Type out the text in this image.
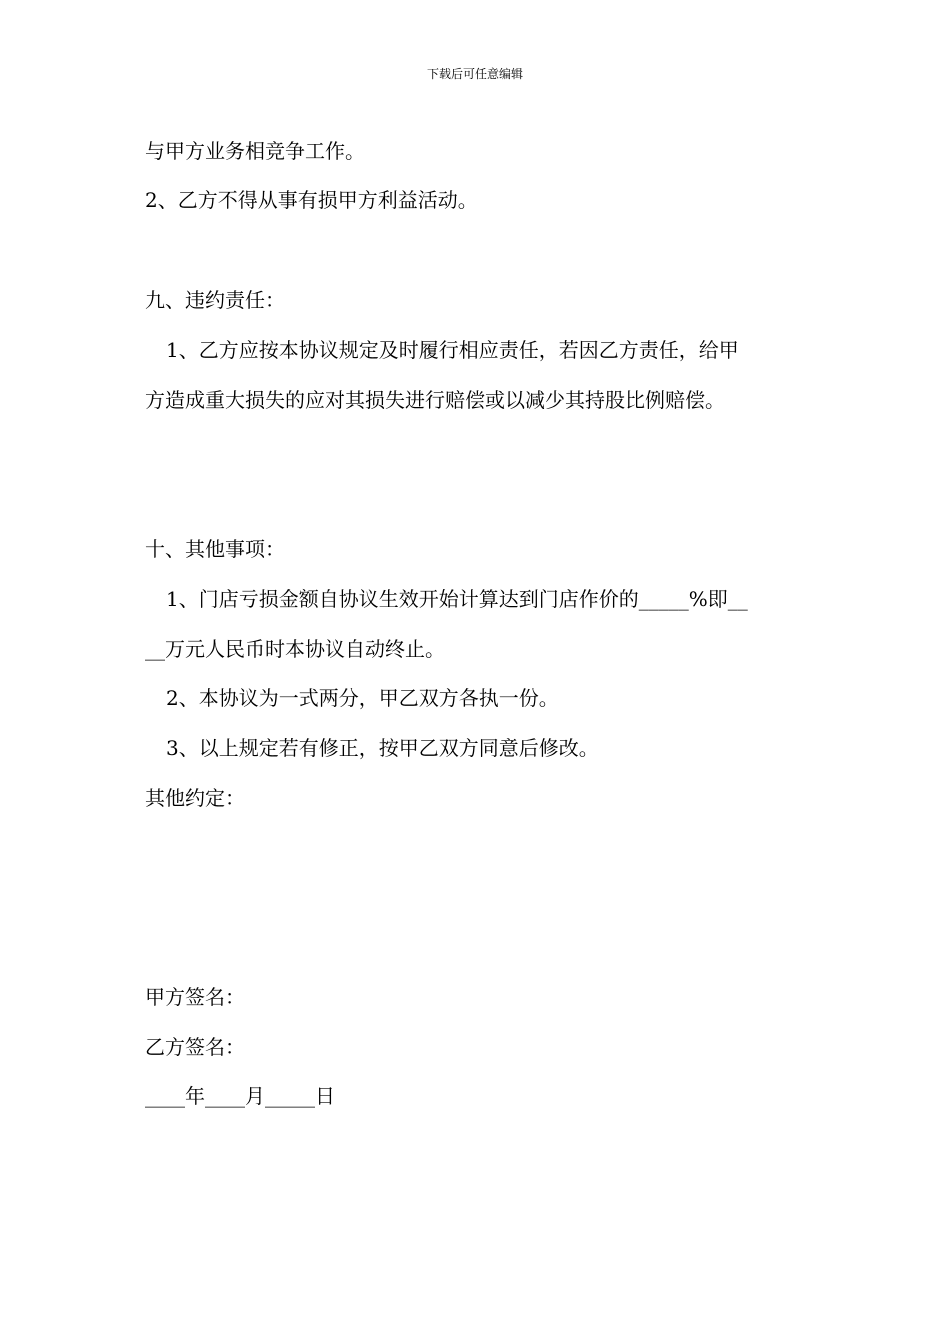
下载后可任意编辑
与甲方业务相竞争工作。
2、乙方不得从事有损甲方利益活动。
九、违约责任：
1、乙方应按本协议规定及时履行相应责任，若因乙方责任，给甲
方造成重大损失的应对其损失进行赔偿或以减少其持股比例赔偿。
十、其他事项：
1、门店亏损金额自协议生效开始计算达到门店作价的_____%即__
__万元人民币时本协议自动终止。
2、本协议为一式两分，甲乙双方各执一份。
3、以上规定若有修正，按甲乙双方同意后修改。
其他约定：
甲方签名：
乙方签名：
____年____月_____日
